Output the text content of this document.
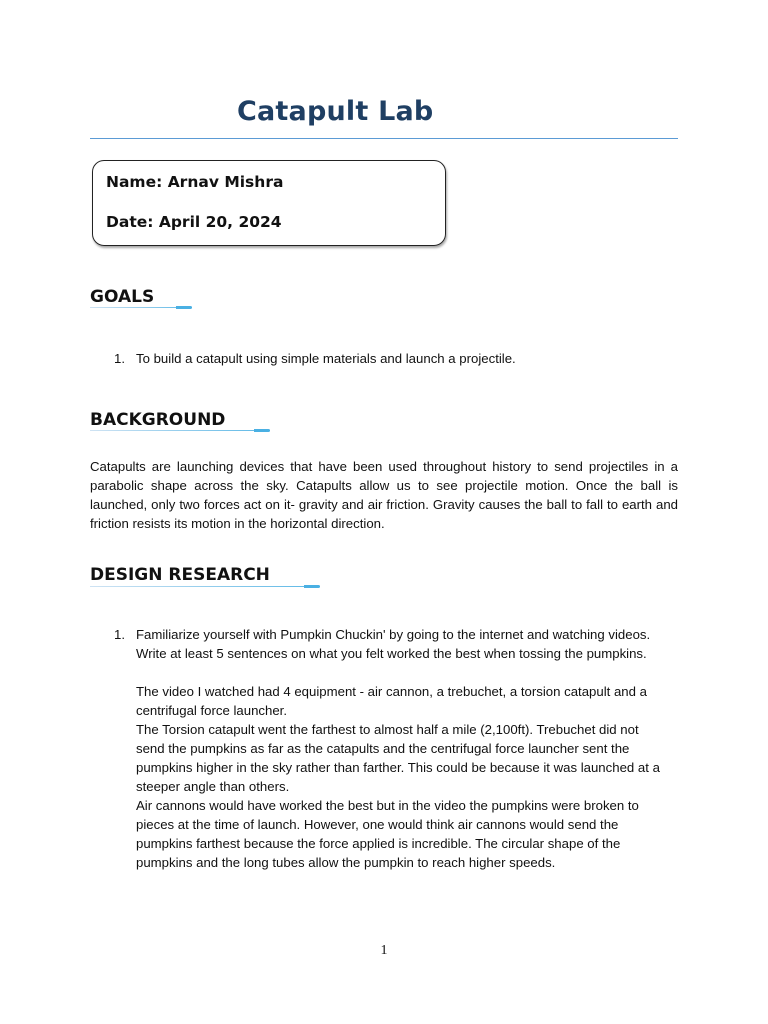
Catapult Lab
Name: Arnav Mishra
Date: April 20, 2024
GOALS
1. To build a catapult using simple materials and launch a projectile.
BACKGROUND

Catapults are launching devices that have been used throughout history to send projectiles in a parabolic shape across the sky. Catapults allow us to see projectile motion. Once the ball is launched, only two forces act on it- gravity and air friction. Gravity causes the ball to fall to earth and friction resists its motion in the horizontal direction.

DESIGN RESEARCH
1. Familiarize yourself with Pumpkin Chuckin' by going to the internet and watching videos. Write at least 5 sentences on what you felt worked the best when tossing the pumpkins.

The video I watched had 4 equipment - air cannon, a trebuchet, a torsion catapult and a centrifugal force launcher.

The Torsion catapult went the farthest to almost half a mile (2,100ft). Trebuchet did not send the pumpkins as far as the catapults and the centrifugal force launcher sent the pumpkins higher in the sky rather than farther. This could be because it was launched at a steeper angle than others.

Air cannons would have worked the best but in the video the pumpkins were broken to pieces at the time of launch. However, one would think air cannons would send the pumpkins farthest because the force applied is incredible. The circular shape of the pumpkins and the long tubes allow the pumpkin to reach higher speeds.

1
